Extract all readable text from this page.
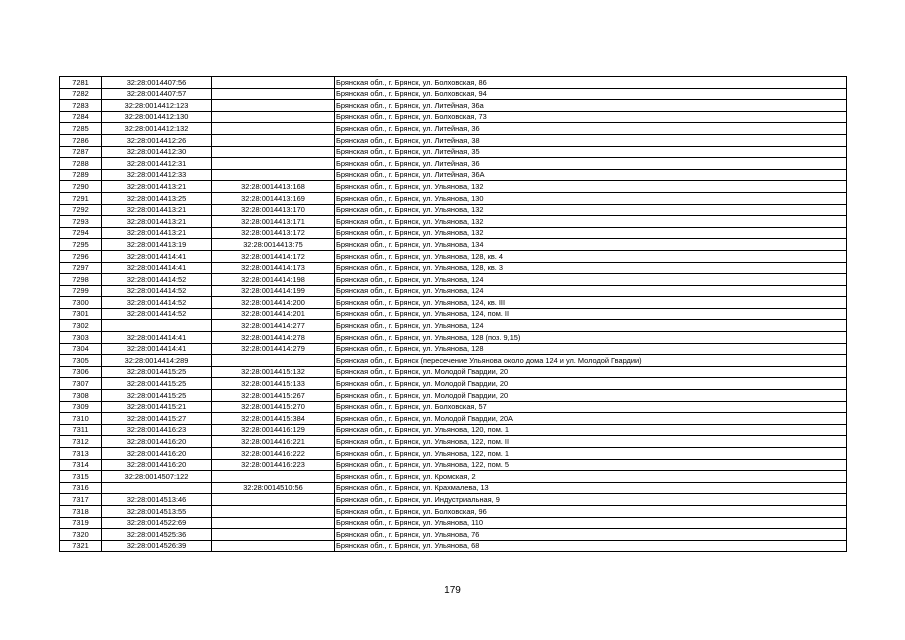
7281	32:28:0014407:56		Брянская обл., г. Брянск, ул. Болховская, 86
7282	32:28:0014407:57		Брянская обл., г. Брянск, ул. Болховская, 94
7283	32:28:0014412:123		Брянская обл., г. Брянск, ул. Литейная, 36а
7284	32:28:0014412:130		Брянская обл., г. Брянск, ул. Болховская, 73
7285	32:28:0014412:132		Брянская обл., г. Брянск, ул. Литейная, 36
7286	32:28:0014412:26		Брянская обл., г. Брянск, ул. Литейная, 38
7287	32:28:0014412:30		Брянская обл., г. Брянск, ул. Литейная, 35
7288	32:28:0014412:31		Брянская обл., г. Брянск, ул. Литейная, 36
7289	32:28:0014412:33		Брянская обл., г. Брянск, ул. Литейная, 36А
7290	32:28:0014413:21	32:28:0014413:168	Брянская обл., г. Брянск, ул. Ульянова, 132
7291	32:28:0014413:25	32:28:0014413:169	Брянская обл., г. Брянск, ул. Ульянова, 130
7292	32:28:0014413:21	32:28:0014413:170	Брянская обл., г. Брянск, ул. Ульянова, 132
7293	32:28:0014413:21	32:28:0014413:171	Брянская обл., г. Брянск, ул. Ульянова, 132
7294	32:28:0014413:21	32:28:0014413:172	Брянская обл., г. Брянск, ул. Ульянова, 132
7295	32:28:0014413:19	32:28:0014413:75	Брянская обл., г. Брянск, ул. Ульянова, 134
7296	32:28:0014414:41	32:28:0014414:172	Брянская обл., г. Брянск, ул. Ульянова, 128, кв. 4
7297	32:28:0014414:41	32:28:0014414:173	Брянская обл., г. Брянск, ул. Ульянова, 128, кв. 3
7298	32:28:0014414:52	32:28:0014414:198	Брянская обл., г. Брянск, ул. Ульянова, 124
7299	32:28:0014414:52	32:28:0014414:199	Брянская обл., г. Брянск, ул. Ульянова, 124
7300	32:28:0014414:52	32:28:0014414:200	Брянская обл., г. Брянск, ул. Ульянова, 124, кв. III
7301	32:28:0014414:52	32:28:0014414:201	Брянская обл., г. Брянск, ул. Ульянова, 124, пом. II
7302		32:28:0014414:277	Брянская обл., г. Брянск, ул. Ульянова, 124
7303	32:28:0014414:41	32:28:0014414:278	Брянская обл., г. Брянск, ул. Ульянова, 128 (поз. 9,15)
7304	32:28:0014414:41	32:28:0014414:279	Брянская обл., г. Брянск, ул. Ульянова, 128
7305	32:28:0014414:289		Брянская обл., г. Брянск (пересечение Ульянова около дома 124 и ул. Молодой Гвардии)
7306	32:28:0014415:25	32:28:0014415:132	Брянская обл., г. Брянск, ул. Молодой Гвардии, 20
7307	32:28:0014415:25	32:28:0014415:133	Брянская обл., г. Брянск, ул. Молодой Гвардии, 20
7308	32:28:0014415:25	32:28:0014415:267	Брянская обл., г. Брянск, ул. Молодой Гвардии, 20
7309	32:28:0014415:21	32:28:0014415:270	Брянская обл., г. Брянск, ул. Болховская, 57
7310	32:28:0014415:27	32:28:0014415:384	Брянская обл., г. Брянск, ул. Молодой Гвардии, 20А
7311	32:28:0014416:23	32:28:0014416:129	Брянская обл., г. Брянск, ул. Ульянова, 120, пом. 1
7312	32:28:0014416:20	32:28:0014416:221	Брянская обл., г. Брянск, ул. Ульянова, 122, пом. II
7313	32:28:0014416:20	32:28:0014416:222	Брянская обл., г. Брянск, ул. Ульянова, 122, пом. 1
7314	32:28:0014416:20	32:28:0014416:223	Брянская обл., г. Брянск, ул. Ульянова, 122, пом. 5
7315	32:28:0014507:122		Брянская обл., г. Брянск, ул. Кромская, 2
7316		32:28:0014510:56	Брянская обл., г. Брянск, ул. Крахмалева, 13
7317	32:28:0014513:46		Брянская обл., г. Брянск, ул. Индустриальная, 9
7318	32:28:0014513:55		Брянская обл., г. Брянск, ул. Болховская, 96
7319	32:28:0014522:69		Брянская обл., г. Брянск, ул. Ульянова, 110
7320	32:28:0014525:36		Брянская обл., г. Брянск, ул. Ульянова, 76
7321	32:28:0014526:39		Брянская обл., г. Брянск, ул. Ульянова, 68
179
